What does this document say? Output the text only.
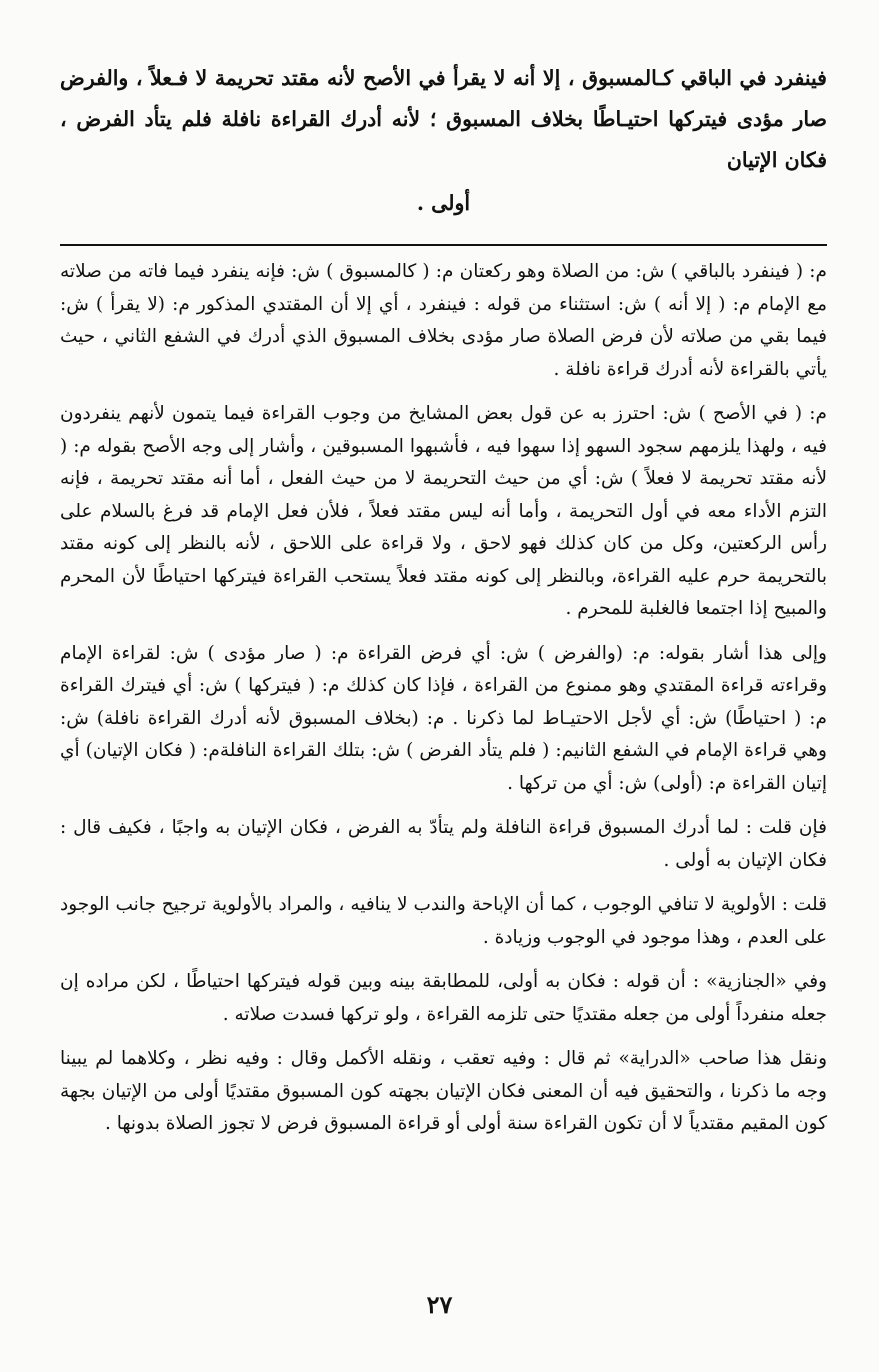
فينفرد في الباقي كـالمسبوق ، إلا أنه لا يقرأ في الأصح لأنه مقتد تحريمة لا فـعلاً ، والفرض صار مؤدى فيتركها احتيـاطًا بخلاف المسبوق ؛ لأنه أدرك القراءة نافلة فلم يتأد الفرض ، فكان الإتيان

أولى .

م: ( فينفرد بالباقي ) ش: من الصلاة وهو ركعتان م: ( كالمسبوق ) ش: فإنه ينفرد فيما فاته من صلاته مع الإمام م: ( إلا أنه ) ش: استثناء من قوله : فينفرد ، أي إلا أن المقتدي المذكور م: (لا يقرأ ) ش: فيما بقي من صلاته لأن فرض الصلاة صار مؤدى بخلاف المسبوق الذي أدرك في الشفع الثاني ، حيث يأتي بالقراءة لأنه أدرك قراءة نافلة .

م: ( في الأصح ) ش: احترز به عن قول بعض المشايخ من وجوب القراءة فيما يتمون لأنهم ينفردون فيه ، ولهذا يلزمهم سجود السهو إذا سهوا فيه ، فأشبهوا المسبوقين ، وأشار إلى وجه الأصح بقوله م: ( لأنه مقتد تحريمة لا فعلاً ) ش: أي من حيث التحريمة لا من حيث الفعل ، أما أنه مقتد تحريمة ، فإنه التزم الأداء معه في أول التحريمة ، وأما أنه ليس مقتد فعلاً ، فلأن فعل الإمام قد فرغ بالسلام على رأس الركعتين، وكل من كان كذلك فهو لاحق ، ولا قراءة على اللاحق ، لأنه بالنظر إلى كونه مقتد بالتحريمة حرم عليه القراءة، وبالنظر إلى كونه مقتد فعلاً يستحب القراءة فيتركها احتياطًا لأن المحرم والمبيح إذا اجتمعا فالغلبة للمحرم .

وإلى هذا أشار بقوله: م: (والفرض ) ش: أي فرض القراءة م: ( صار مؤدى ) ش: لقراءة الإمام وقراءته قراءة المقتدي وهو ممنوع من القراءة ، فإذا كان كذلك م: ( فيتركها ) ش: أي فيترك القراءة م: ( احتياطًا) ش: أي لأجل الاحتيـاط لما ذكرنا . م: (بخلاف المسبوق لأنه أدرك القراءة نافلة) ش: وهي قراءة الإمام في الشفع الثانيم: ( فلم يتأد الفرض ) ش: بتلك القراءة النافلةم: ( فكان الإتيان) أي إتيان القراءة م: (أولى) ش: أي من تركها .

فإن قلت : لما أدرك المسبوق قراءة النافلة ولم يتأدّ به الفرض ، فكان الإتيان به واجبًا ، فكيف قال : فكان الإتيان به أولى .

قلت : الأولوية لا تنافي الوجوب ، كما أن الإباحة والندب لا ينافيه ، والمراد بالأولوية ترجيح جانب الوجود على العدم ، وهذا موجود في الوجوب وزيادة .

وفي «الجنازية» : أن قوله : فكان به أولى، للمطابقة بينه وبين قوله فيتركها احتياطًا ، لكن مراده إن جعله منفرداً أولى من جعله مقتديًا حتى تلزمه القراءة ، ولو تركها فسدت صلاته .

ونقل هذا صاحب «الدراية» ثم قال : وفيه تعقب ، ونقله الأكمل وقال : وفيه نظر ، وكلاهما لم يبينا وجه ما ذكرنا ، والتحقيق فيه أن المعنى فكان الإتيان بجهته كون المسبوق مقتديًا أولى من الإتيان بجهة كون المقيم مقتدياً لا أن تكون القراءة سنة أولى أو قراءة المسبوق فرض لا تجوز الصلاة بدونها .

٢٧
